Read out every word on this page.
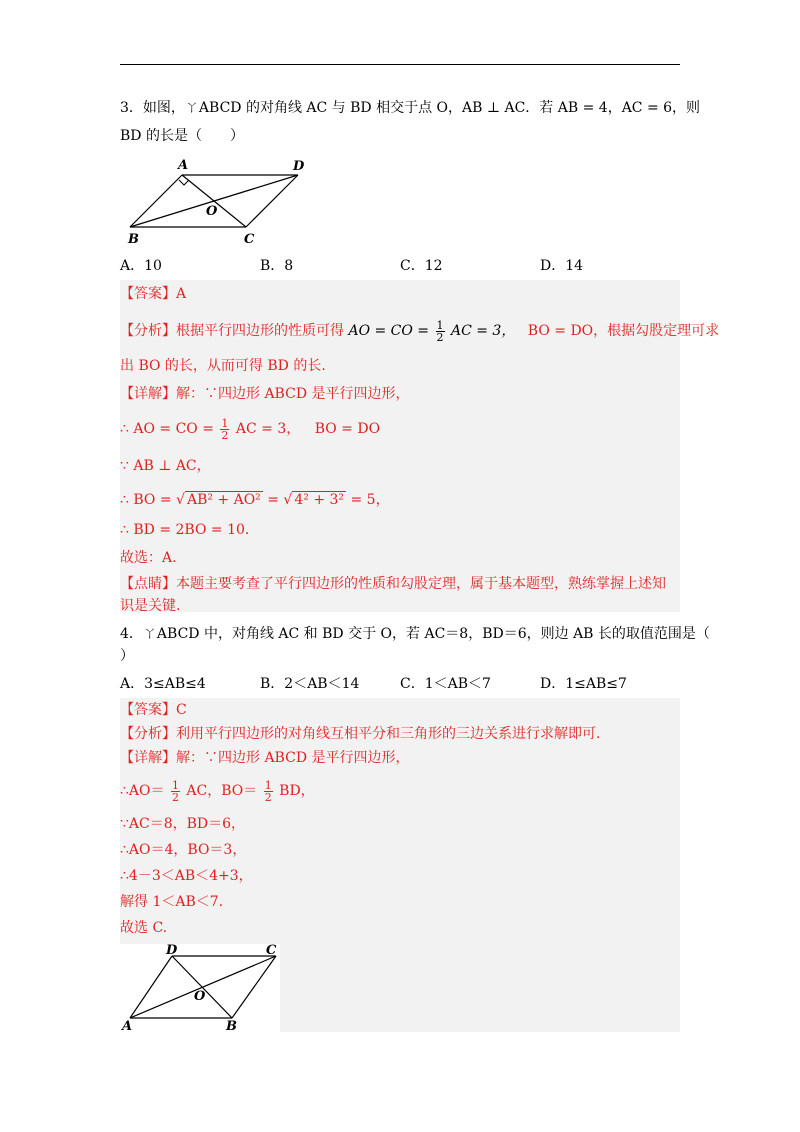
3．如图，ㄚABCD 的对角线 AC 与 BD 相交于点 O，AB ⊥ AC．若 AB = 4，AC = 6，则
BD 的长是（　　）
A	D
B	C
O
A．10	B．8	C．12	D．14
【答案】A
【分析】根据平行四边形的性质可得 AO = CO = $\frac{1}{2}$ AC = 3， BO = DO，根据勾股定理可求
出 BO 的长，从而可得 BD 的长.
【详解】解：∵四边形 ABCD 是平行四边形，
∴ AO = CO = $\frac{1}{2}$ AC = 3， BO = DO
∵ AB ⊥ AC，
∴ BO = √ AB² + AO² = √ 4² + 3² = 5，
∴ BD = 2BO = 10．
故选：A.
【点睛】本题主要考查了平行四边形的性质和勾股定理，属于基本题型，熟练掌握上述知
识是关键.
4．ㄚABCD 中，对角线 AC 和 BD 交于 O，若 AC＝8，BD＝6，则边 AB 长的取值范围是（
）
A．3≤AB≤4	B．2＜AB＜14	C．1＜AB＜7	D．1≤AB≤7
【答案】C
【分析】利用平行四边形的对角线互相平分和三角形的三边关系进行求解即可.
【详解】解：∵四边形 ABCD 是平行四边形，
∴AO＝ $\frac{1}{2}$ AC，$BO= \frac{1}{2}$ BD，
∵AC＝8，BD＝6，
∴AO＝4，BO＝3，
∴4－3＜AB＜4+3，
解得 1＜AB＜7.
故选 C.
D	C
A	B
O
